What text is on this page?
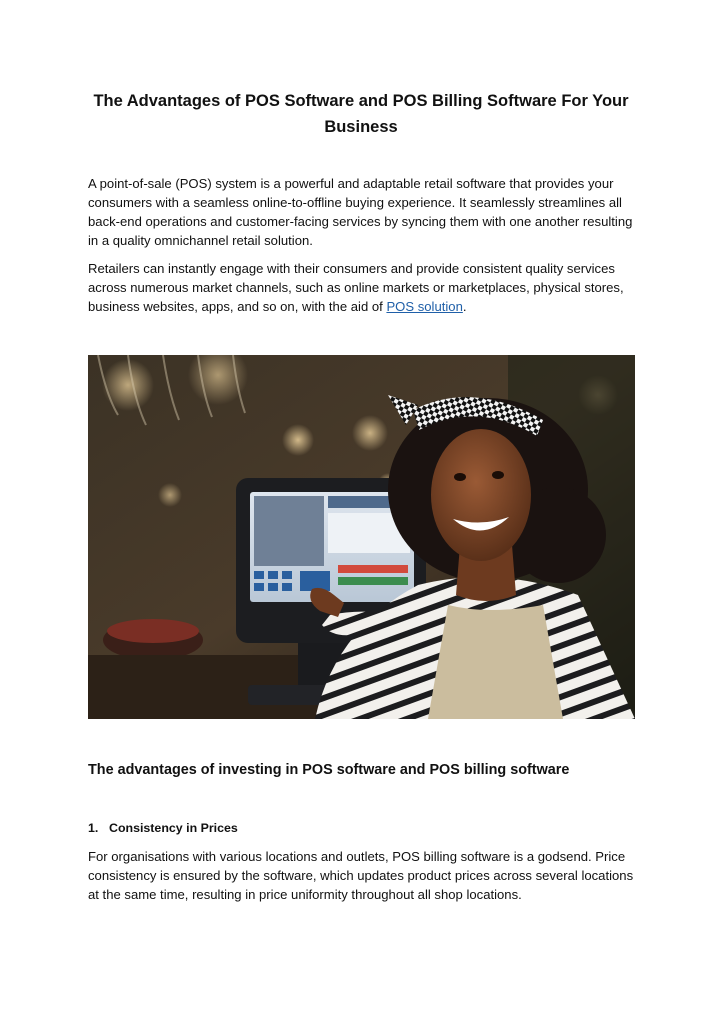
The Advantages of POS Software and POS Billing Software For Your Business

A point-of-sale (POS) system is a powerful and adaptable retail software that provides your consumers with a seamless online-to-offline buying experience. It seamlessly streamlines all back-end operations and customer-facing services by syncing them with one another resulting in a quality omnichannel retail solution.

Retailers can instantly engage with their consumers and provide consistent quality services across numerous market channels, such as online markets or marketplaces, physical stores, business websites, apps, and so on, with the aid of POS solution.

The advantages of investing in POS software and POS billing software
1. Consistency in Prices

For organisations with various locations and outlets, POS billing software is a godsend. Price consistency is ensured by the software, which updates product prices across several locations at the same time, resulting in price uniformity throughout all shop locations.
